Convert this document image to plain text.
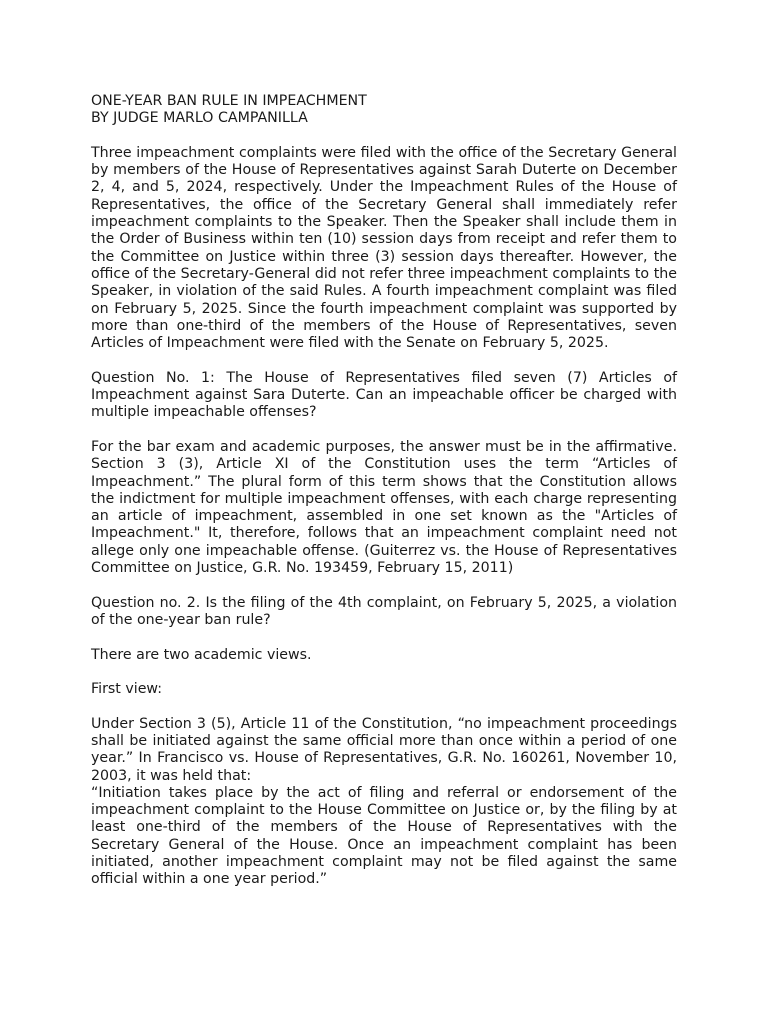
ONE-YEAR BAN RULE IN IMPEACHMENT
BY JUDGE MARLO CAMPANILLA

Three impeachment complaints were filed with the office of the Secretary General by members of the House of Representatives against Sarah Duterte on December 2, 4, and 5, 2024, respectively. Under the Impeachment Rules of the House of Representatives, the office of the Secretary General shall immediately refer impeachment complaints to the Speaker. Then the Speaker shall include them in the Order of Business within ten (10) session days from receipt and refer them to the Committee on Justice within three (3) session days thereafter. However, the office of the Secretary-General did not refer three impeachment complaints to the Speaker, in violation of the said Rules. A fourth impeachment complaint was filed on February 5, 2025. Since the fourth impeachment complaint was supported by more than one-third of the members of the House of Representatives, seven Articles of Impeachment were filed with the Senate on February 5, 2025.

Question No. 1: The House of Representatives filed seven (7) Articles of Impeachment against Sara Duterte. Can an impeachable officer be charged with multiple impeachable offenses?

For the bar exam and academic purposes, the answer must be in the affirmative. Section 3 (3), Article XI of the Constitution uses the term “Articles of Impeachment.” The plural form of this term shows that the Constitution allows the indictment for multiple impeachment offenses, with each charge representing an article of impeachment, assembled in one set known as the "Articles of Impeachment." It, therefore, follows that an impeachment complaint need not allege only one impeachable offense. (Guiterrez vs. the House of Representatives Committee on Justice, G.R. No. 193459, February 15, 2011)

Question no. 2. Is the filing of the 4th complaint, on February 5, 2025, a violation of the one-year ban rule?

There are two academic views.

First view:

Under Section 3 (5), Article 11 of the Constitution, “no impeachment proceedings shall be initiated against the same official more than once within a period of one year.” In Francisco vs. House of Representatives, G.R. No. 160261, November 10, 2003, it was held that:

“Initiation takes place by the act of filing and referral or endorsement of the impeachment complaint to the House Committee on Justice or, by the filing by at least one-third of the members of the House of Representatives with the Secretary General of the House. Once an impeachment complaint has been initiated, another impeachment complaint may not be filed against the same official within a one year period.”
